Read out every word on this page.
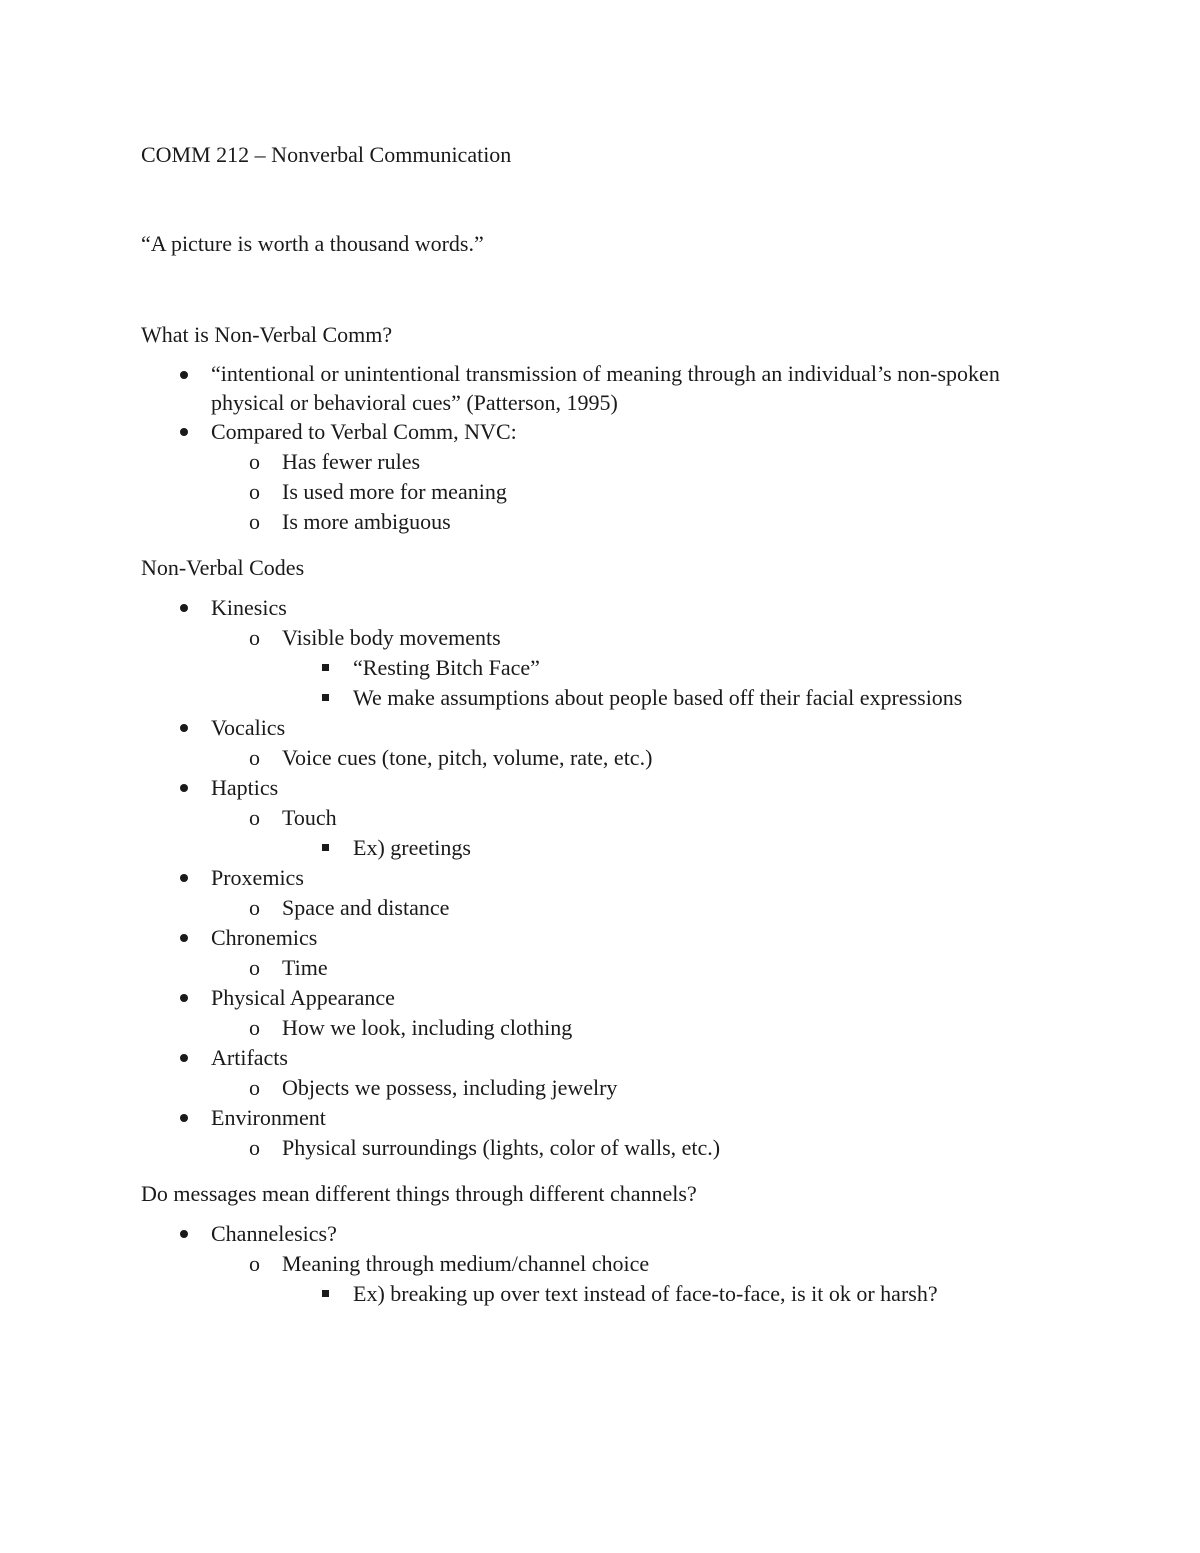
COMM 212 – Nonverbal Communication

“A picture is worth a thousand words.”

What is Non-Verbal Comm?

“intentional or unintentional transmission of meaning through an individual’s non-spoken
physical or behavioral cues” (Patterson, 1995)
Compared to Verbal Comm, NVC:
Has fewer rules
Is used more for meaning
Is more ambiguous

Non-Verbal Codes

Kinesics
Visible body movements
“Resting Bitch Face”
We make assumptions about people based off their facial expressions
Vocalics
Voice cues (tone, pitch, volume, rate, etc.)
Haptics
Touch
Ex) greetings
Proxemics
Space and distance
Chronemics
Time
Physical Appearance
How we look, including clothing
Artifacts
Objects we possess, including jewelry
Environment
Physical surroundings (lights, color of walls, etc.)

Do messages mean different things through different channels?

Channelesics?
Meaning through medium/channel choice
Ex) breaking up over text instead of face-to-face, is it ok or harsh?
